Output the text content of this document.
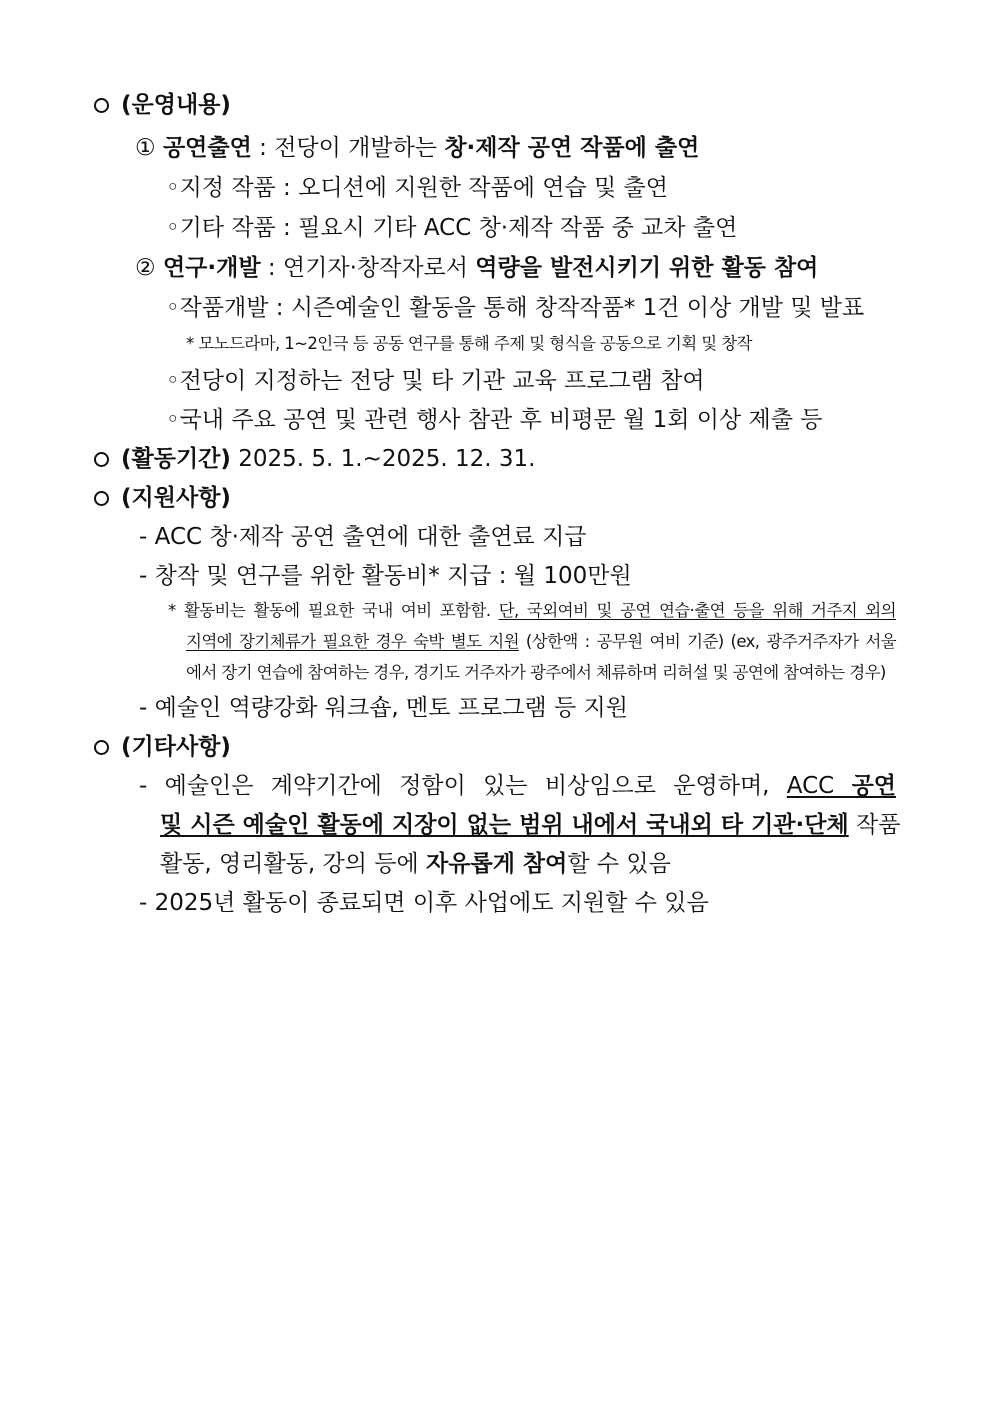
(운영내용)
① 공연출연 : 전당이 개발하는 창·제작 공연 작품에 출연
◦지정 작품 : 오디션에 지원한 작품에 연습 및 출연
◦기타 작품 : 필요시 기타 ACC 창·제작 작품 중 교차 출연
② 연구·개발 : 연기자·창작자로서 역량을 발전시키기 위한 활동 참여
◦작품개발 : 시즌예술인 활동을 통해 창작작품* 1건 이상 개발 및 발표
* 모노드라마, 1~2인극 등 공동 연구를 통해 주제 및 형식을 공동으로 기획 및 창작
◦전당이 지정하는 전당 및 타 기관 교육 프로그램 참여
◦국내 주요 공연 및 관련 행사 참관 후 비평문 월 1회 이상 제출 등
(활동기간) 2025. 5. 1.~2025. 12. 31.
(지원사항)
- ACC 창·제작 공연 출연에 대한 출연료 지급
- 창작 및 연구를 위한 활동비* 지급 : 월 100만원
* 활동비는 활동에 필요한 국내 여비 포함함. 단, 국외여비 및 공연 연습·출연 등을 위해 거주지 외의
지역에 장기체류가 필요한 경우 숙박 별도 지원 (상한액 : 공무원 여비 기준) (ex, 광주거주자가 서울
에서 장기 연습에 참여하는 경우, 경기도 거주자가 광주에서 체류하며 리허설 및 공연에 참여하는 경우)
- 예술인 역량강화 워크숍, 멘토 프로그램 등 지원
(기타사항)
- 예술인은 계약기간에 정함이 있는 비상임으로 운영하며, ACC 공연
및 시즌 예술인 활동에 지장이 없는 범위 내에서 국내외 타 기관·단체 작품
활동, 영리활동, 강의 등에 자유롭게 참여할 수 있음
- 2025년 활동이 종료되면 이후 사업에도 지원할 수 있음
